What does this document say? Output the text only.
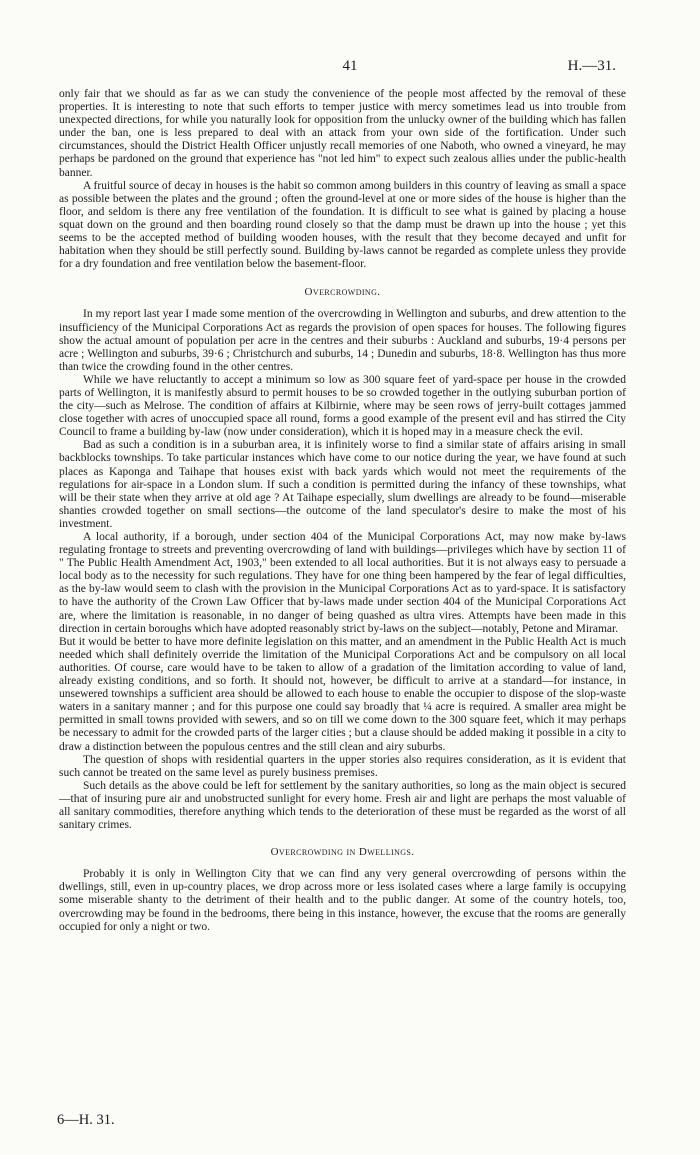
41	H.—31.

only fair that we should as far as we can study the convenience of the people most affected by the removal of these properties. It is interesting to note that such efforts to temper justice with mercy sometimes lead us into trouble from unexpected directions, for while you naturally look for opposition from the unlucky owner of the building which has fallen under the ban, one is less prepared to deal with an attack from your own side of the fortification. Under such circumstances, should the District Health Officer unjustly recall memories of one Naboth, who owned a vineyard, he may perhaps be pardoned on the ground that experience has "not led him" to expect such zealous allies under the public-health banner.

A fruitful source of decay in houses is the habit so common among builders in this country of leaving as small a space as possible between the plates and the ground ; often the ground-level at one or more sides of the house is higher than the floor, and seldom is there any free ventilation of the foundation. It is difficult to see what is gained by placing a house squat down on the ground and then boarding round closely so that the damp must be drawn up into the house ; yet this seems to be the accepted method of building wooden houses, with the result that they become decayed and unfit for habitation when they should be still perfectly sound. Building by-laws cannot be regarded as complete unless they provide for a dry foundation and free ventilation below the basement-floor.

Overcrowding.

In my report last year I made some mention of the overcrowding in Wellington and suburbs, and drew attention to the insufficiency of the Municipal Corporations Act as regards the provision of open spaces for houses. The following figures show the actual amount of population per acre in the centres and their suburbs : Auckland and suburbs, 19·4 persons per acre ; Wellington and suburbs, 39·6 ; Christchurch and suburbs, 14 ; Dunedin and suburbs, 18·8. Wellington has thus more than twice the crowding found in the other centres.

While we have reluctantly to accept a minimum so low as 300 square feet of yard-space per house in the crowded parts of Wellington, it is manifestly absurd to permit houses to be so crowded together in the outlying suburban portion of the city—such as Melrose. The condition of affairs at Kilbirnie, where may be seen rows of jerry-built cottages jammed close together with acres of unoccupied space all round, forms a good example of the present evil and has stirred the City Council to frame a building by-law (now under consideration), which it is hoped may in a measure check the evil.

Bad as such a condition is in a suburban area, it is infinitely worse to find a similar state of affairs arising in small backblocks townships. To take particular instances which have come to our notice during the year, we have found at such places as Kaponga and Taihape that houses exist with back yards which would not meet the requirements of the regulations for air-space in a London slum. If such a condition is permitted during the infancy of these townships, what will be their state when they arrive at old age ? At Taihape especially, slum dwellings are already to be found—miserable shanties crowded together on small sections—the outcome of the land speculator's desire to make the most of his investment.

A local authority, if a borough, under section 404 of the Municipal Corporations Act, may now make by-laws regulating frontage to streets and preventing overcrowding of land with buildings—privileges which have by section 11 of " The Public Health Amendment Act, 1903," been extended to all local authorities. But it is not always easy to persuade a local body as to the necessity for such regulations. They have for one thing been hampered by the fear of legal difficulties, as the by-law would seem to clash with the provision in the Municipal Corporations Act as to yard-space. It is satisfactory to have the authority of the Crown Law Officer that by-laws made under section 404 of the Municipal Corporations Act are, where the limitation is reasonable, in no danger of being quashed as ultra vires. Attempts have been made in this direction in certain boroughs which have adopted reasonably strict by-laws on the subject—notably, Petone and Miramar.

But it would be better to have more definite legislation on this matter, and an amendment in the Public Health Act is much needed which shall definitely override the limitation of the Municipal Corporations Act and be compulsory on all local authorities. Of course, care would have to be taken to allow of a gradation of the limitation according to value of land, already existing conditions, and so forth. It should not, however, be difficult to arrive at a standard—for instance, in unsewered townships a sufficient area should be allowed to each house to enable the occupier to dispose of the slop-waste waters in a sanitary manner ; and for this purpose one could say broadly that ¼ acre is required. A smaller area might be permitted in small towns provided with sewers, and so on till we come down to the 300 square feet, which it may perhaps be necessary to admit for the crowded parts of the larger cities ; but a clause should be added making it possible in a city to draw a distinction between the populous centres and the still clean and airy suburbs.

The question of shops with residential quarters in the upper stories also requires consideration, as it is evident that such cannot be treated on the same level as purely business premises.

Such details as the above could be left for settlement by the sanitary authorities, so long as the main object is secured—that of insuring pure air and unobstructed sunlight for every home. Fresh air and light are perhaps the most valuable of all sanitary commodities, therefore anything which tends to the deterioration of these must be regarded as the worst of all sanitary crimes.

Overcrowding in Dwellings.

Probably it is only in Wellington City that we can find any very general overcrowding of persons within the dwellings, still, even in up-country places, we drop across more or less isolated cases where a large family is occupying some miserable shanty to the detriment of their health and to the public danger. At some of the country hotels, too, overcrowding may be found in the bedrooms, there being in this instance, however, the excuse that the rooms are generally occupied for only a night or two.

6—H. 31.
